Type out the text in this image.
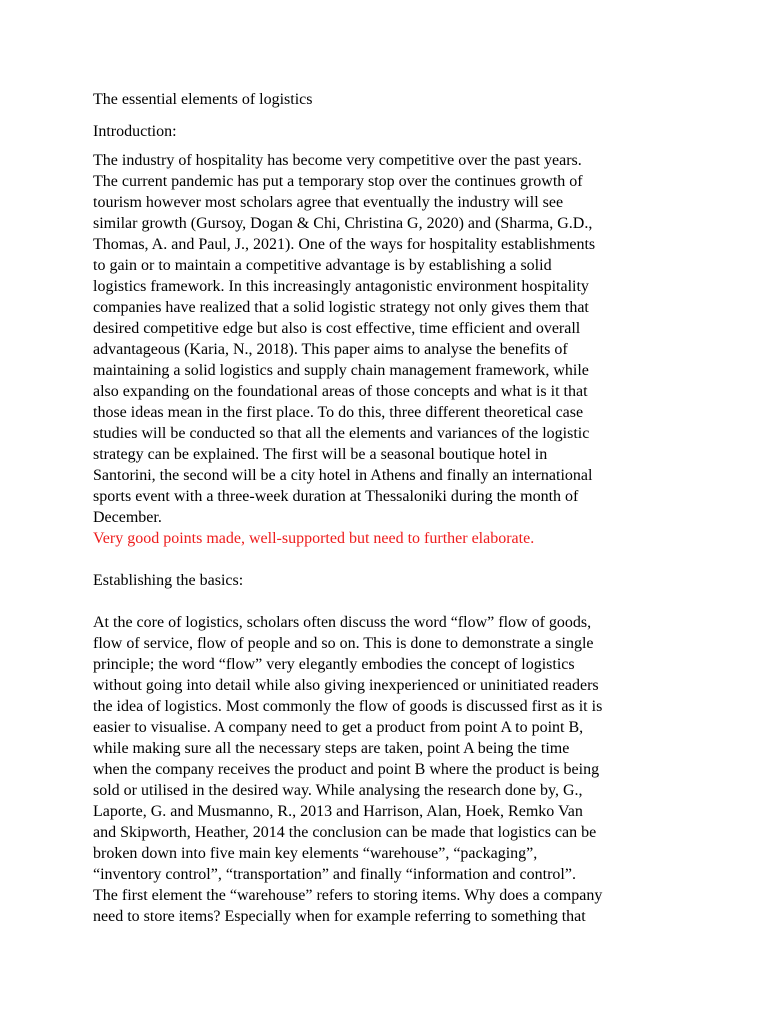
The essential elements of logistics
Introduction:
The industry of hospitality has become very competitive over the past years.
The current pandemic has put a temporary stop over the continues growth of
tourism however most scholars agree that eventually the industry will see
similar growth (Gursoy, Dogan & Chi, Christina G, 2020) and (Sharma, G.D.,
Thomas, A. and Paul, J., 2021). One of the ways for hospitality establishments
to gain or to maintain a competitive advantage is by establishing a solid
logistics framework. In this increasingly antagonistic environment hospitality
companies have realized that a solid logistic strategy not only gives them that
desired competitive edge but also is cost effective, time efficient and overall
advantageous (Karia, N., 2018). This paper aims to analyse the benefits of
maintaining a solid logistics and supply chain management framework, while
also expanding on the foundational areas of those concepts and what is it that
those ideas mean in the first place. To do this, three different theoretical case
studies will be conducted so that all the elements and variances of the logistic
strategy can be explained. The first will be a seasonal boutique hotel in
Santorini, the second will be a city hotel in Athens and finally an international
sports event with a three-week duration at Thessaloniki during the month of
December.
Very good points made, well-supported but need to further elaborate.
Establishing the basics:
At the core of logistics, scholars often discuss the word “flow” flow of goods,
flow of service, flow of people and so on. This is done to demonstrate a single
principle; the word “flow” very elegantly embodies the concept of logistics
without going into detail while also giving inexperienced or uninitiated readers
the idea of logistics. Most commonly the flow of goods is discussed first as it is
easier to visualise. A company need to get a product from point A to point B,
while making sure all the necessary steps are taken, point A being the time
when the company receives the product and point B where the product is being
sold or utilised in the desired way. While analysing the research done by, G.,
Laporte, G. and Musmanno, R., 2013 and Harrison, Alan, Hoek, Remko Van
and Skipworth, Heather, 2014 the conclusion can be made that logistics can be
broken down into five main key elements “warehouse”, “packaging”,
“inventory control”, “transportation” and finally “information and control”.
The first element the “warehouse” refers to storing items. Why does a company
need to store items? Especially when for example referring to something that
